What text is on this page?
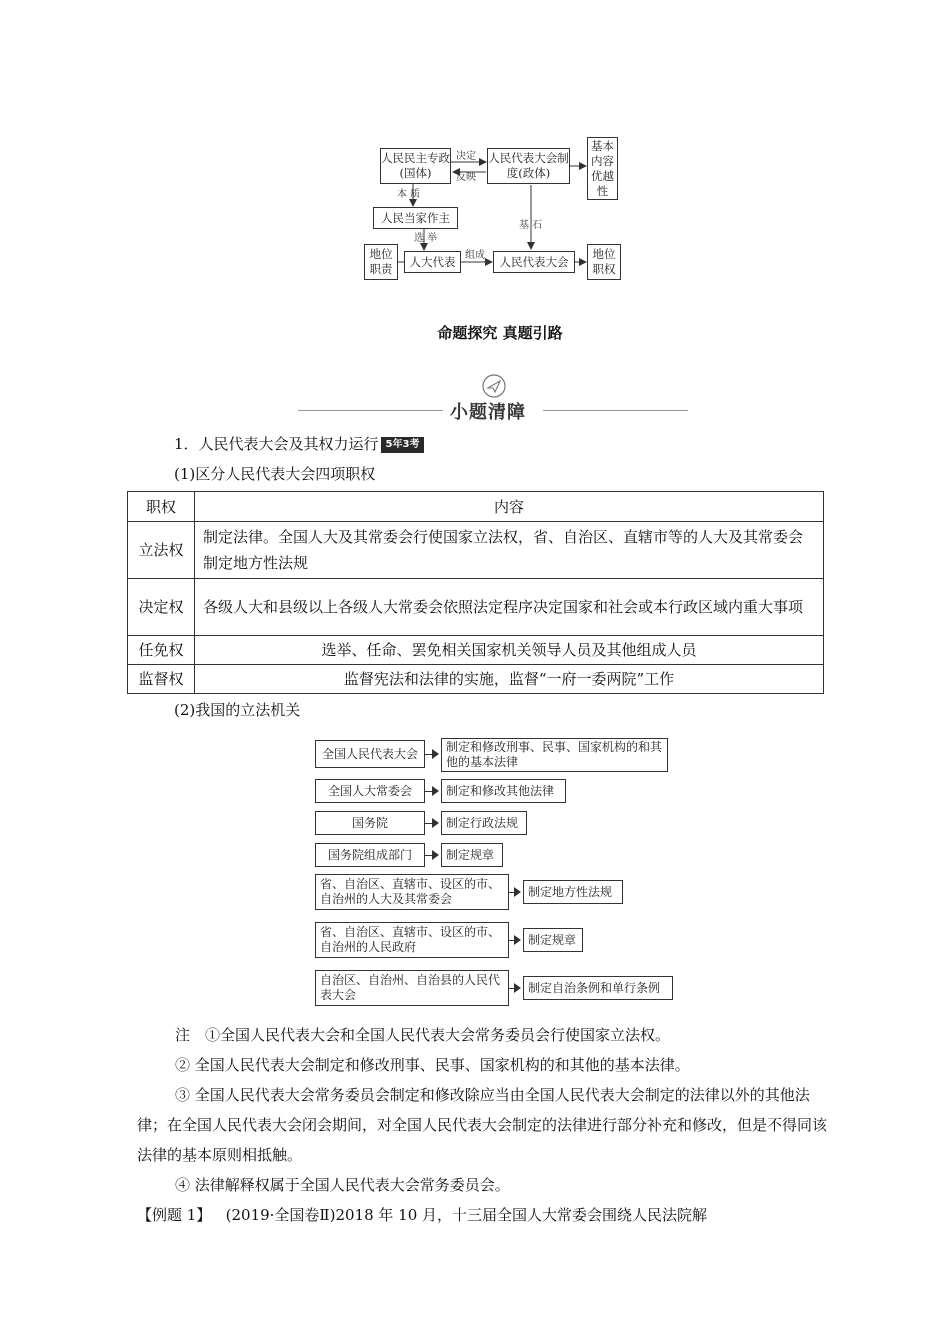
人民民主专政(国体)
决定
反映
人民代表大会制度(政体)
基本内容优越性
本 质
人民当家作主
选 举
基 石
地位职责
人大代表 组成	人民代表大会
地位职权
命题探究 真题引路
小题清障
1．人民代表大会及其权力运行 5年3考
(1)区分人民代表大会四项职权
职权	内容
立法权	制定法律。全国人大及其常委会行使国家立法权，省、自治区、直辖市等的人大及其常委会制定地方性法规
决定权	各级人大和县级以上各级人大常委会依照法定程序决定国家和社会或本行政区域内重大事项
任免权	选举、任命、罢免相关国家机关领导人员及其他组成人员
监督权	监督宪法和法律的实施，监督“一府一委两院”工作
(2)我国的立法机关
全国人民代表大会	制定和修改刑事、民事、国家机构的和其他的基本法律
全国人大常委会	制定和修改其他法律
国务院	制定行政法规
国务院组成部门	制定规章
省、自治区、直辖市、设区的市、自治州的人大及其常委会	制定地方性法规
省、自治区、直辖市、设区的市、自治州的人民政府	制定规章
自治区、自治州、自治县的人民代表大会	制定自治条例和单行条例

注　①全国人民代表大会和全国人民代表大会常务委员会行使国家立法权。

② 全国人民代表大会制定和修改刑事、民事、国家机构的和其他的基本法律。

③ 全国人民代表大会常务委员会制定和修改除应当由全国人民代表大会制定的法律以外的其他法律；在全国人民代表大会闭会期间，对全国人民代表大会制定的法律进行部分补充和修改，但是不得同该法律的基本原则相抵触。

④ 法律解释权属于全国人民代表大会常务委员会。

【例题 1】 (2019·全国卷Ⅱ)2018 年 10 月，十三届全国人大常委会围绕人民法院解
